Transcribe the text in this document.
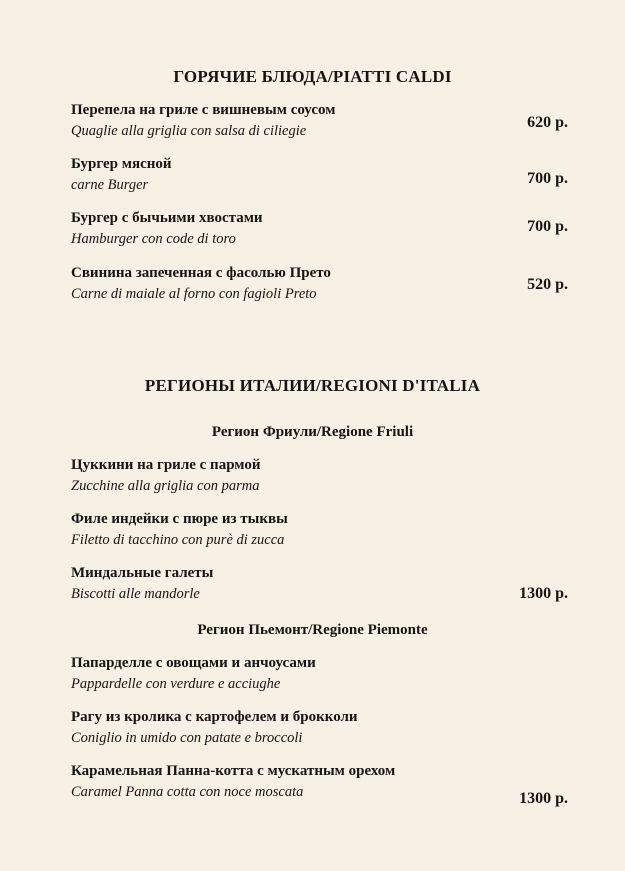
ГОРЯЧИЕ БЛЮДА/PIATTI CALDI
Перепела на гриле с вишневым соусом
Quaglie alla griglia con salsa di ciliegie	620 р.
Бургер мясной
carne Burger	700 р.
Бургер с бычьими хвостами
Hamburger con code di toro
700 р.
Свинина запеченная с фасолью Прето
Carne di maiale al forno con fagioli Preto
520 р.
РЕГИОНЫ ИТАЛИИ/REGIONI D'ITALIA
Регион Фриули/Regione Friuli
Цуккини на гриле с пармой
Zucchine alla griglia con parma
Филе индейки с пюре из тыквы
Filetto di tacchino con purè di zucca
Миндальные галеты
Biscotti alle mandorle	1300 р.
Регион Пьемонт/Regione Piemonte
Папарделле с овощами и анчоусами
Pappardelle con verdure e acciughe
Рагу из кролика с картофелем и брокколи
Coniglio in umido con patate e broccoli
Карамельная Панна-котта с мускатным орехом
Caramel Panna cotta con noce moscata	1300 р.
